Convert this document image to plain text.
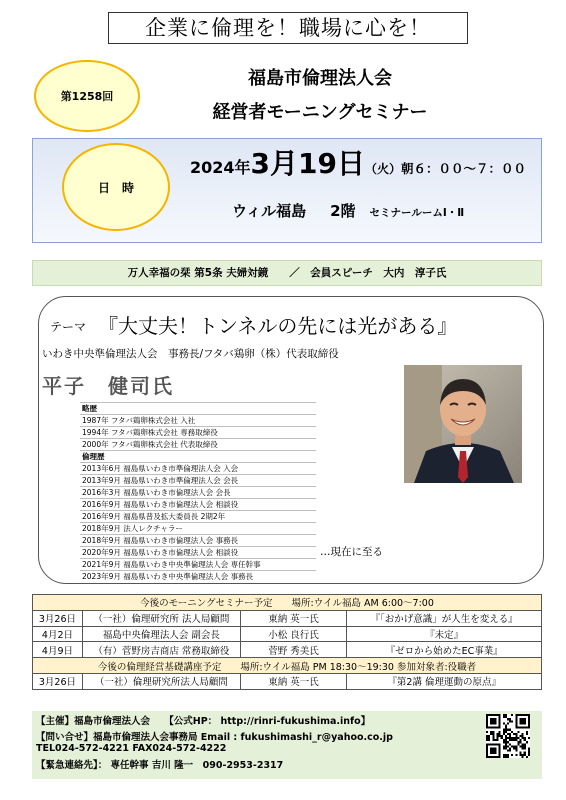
企業に倫理を！職場に心を！
第1258回
福島市倫理法人会
経営者モーニングセミナー
日　時
2024年3月19日（火）朝６：００～７：００
ウィル福島 2階 セミナールームⅠ・Ⅱ
万人幸福の栞 第5条 夫婦対鏡　　／　会員スピーチ　大内　淳子氏
テーマ 『大丈夫！トンネルの先には光がある』
いわき中央準倫理法人会　事務長/フタバ鶏卵（株）代表取締役
平子　健司氏
略歴
1987年 フタバ鶏卵株式会社 入社
1994年 フタバ鶏卵株式会社 専務取締役
2000年 フタバ鶏卵株式会社 代表取締役
倫理歴
2013年6月 福島県いわき市準倫理法人会 入会
2013年9月 福島県いわき市準倫理法人会 会長
2016年3月 福島県いわき市倫理法人会 会長
2016年9月 福島県いわき市倫理法人会 相談役
2016年9月 福島県普及拡大委員長 2期2年
2018年9月 法人レクチャラー
2018年9月 福島県いわき市倫理法人会 事務長
2020年9月 福島県いわき市倫理法人会 相談役
2021年9月 福島県いわき中央準倫理法人会 専任幹事
2023年9月 福島県いわき中央準倫理法人会 事務長
…現在に至る
今後のモーニングセミナー予定　　場所:ウイル福島 AM 6:00～7:00			
3月26日	（一社）倫理研究所 法人局顧問	東納 英一氏	『「おかげ意識」が人生を変える』
4月2日	福島中央倫理法人会 副会長	小松 良行氏	『未定』
4月9日	（有）菅野房吉商店 常務取締役	菅野 秀美氏	『ゼロから始めたEC事業』
今後の倫理経営基礎講座予定　　場所:ウイル福島 PM 18:30～19:30 参加対象者:役職者			
3月26日	（一社）倫理研究所法人局顧問	東納 英一氏	『第2講 倫理運動の原点』
【主催】福島市倫理法人会　　【公式HP： http://rinri-fukushima.info】
【問い合せ】福島市倫理法人会事務局 Email : fukushimashi_r@yahoo.co.jp
TEL024-572-4221 FAX024-572-4222
【緊急連絡先】： 専任幹事 吉川 隆一　090-2953-2317
